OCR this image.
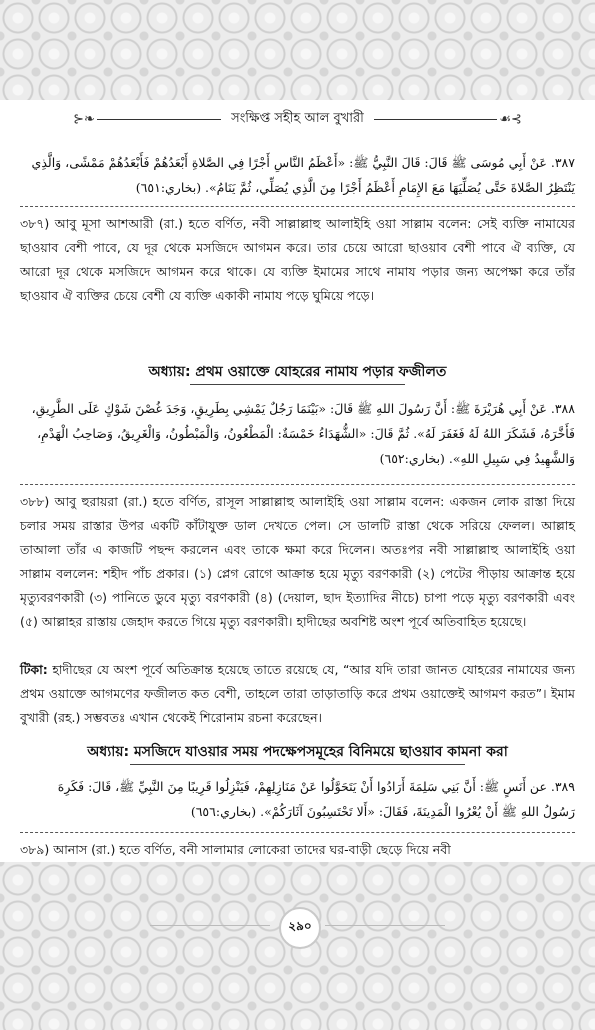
⊱❧	সংক্ষিপ্ত সহীহ আল বুখারী	☙⊰
٣٨٧. عَنْ أَبِي مُوسَى ﷺ قَالَ: قَالَ النَّبِيُّ ﷺ: «أَعْظَمُ النَّاسِ أَجْرًا فِي الصَّلاةِ أَبْعَدُهُمْ فَأَبْعَدُهُمْ مَمْشًى، وَالَّذِي
يَنْتَظِرُ الصَّلاةَ حَتَّى يُصَلِّيَهَا مَعَ الإِمَامِ أَعْظَمُ أَجْرًا مِنَ الَّذِي يُصَلِّي، ثُمَّ يَنَامُ». (بخاري:٦٥١)
৩৮৭) আবু মূসা আশআরী (রা.) হতে বর্ণিত, নবী সাল্লাল্লাহু আলাইহি ওয়া সাল্লাম বলেন: সেই ব্যক্তি নামাযের ছাওয়াব বেশী পাবে, যে দূর থেকে মসজিদে আগমন করে। তার চেয়ে আরো ছাওয়াব বেশী পাবে ঐ ব্যক্তি, যে আরো দূর থেকে মসজিদে আগমন করে থাকে। যে ব্যক্তি ইমামের সাথে নামায পড়ার জন্য অপেক্ষা করে তাঁর ছাওয়াব ঐ ব্যক্তির চেয়ে বেশী যে ব্যক্তি একাকী নামায পড়ে ঘুমিয়ে পড়ে।
অধ্যায়: প্রথম ওয়াক্তে যোহরের নামায পড়ার ফজীলত
٣٨٨. عَنْ أَبِي هُرَيْرَةَ ﷺ: أَنَّ رَسُولَ اللهِ ﷺ قَالَ: «بَيْنَمَا رَجُلٌ يَمْشِي بِطَرِيقٍ، وَجَدَ غُصْنَ شَوْكٍ عَلَى الطَّرِيقِ،
فَأَخَّرَهُ، فَشَكَرَ اللهُ لَهُ فَغَفَرَ لَهُ». ثُمَّ قَالَ: «الشُّهَدَاءُ خَمْسَةٌ: الْمَطْعُونُ، وَالْمَبْطُونُ، وَالْغَرِيقُ، وَصَاحِبُ الْهَدْمِ،
وَالشَّهِيدُ فِي سَبِيلِ اللهِ». (بخاري:٦٥٢)
৩৮৮) আবু হুরায়রা (রা.) হতে বর্ণিত, রাসূল সাল্লাল্লাহু আলাইহি ওয়া সাল্লাম বলেন: একজন লোক রাস্তা দিয়ে চলার সময় রাস্তার উপর একটি কাঁটাযুক্ত ডাল দেখতে পেল। সে ডালটি রাস্তা থেকে সরিয়ে ফেলল। আল্লাহ তাআলা তাঁর এ কাজটি পছন্দ করলেন এবং তাকে ক্ষমা করে দিলেন। অতঃপর নবী সাল্লাল্লাহু আলাইহি ওয়া সাল্লাম বললেন: শহীদ পাঁচ প্রকার। (১) প্লেগ রোগে আক্রান্ত হয়ে মৃত্যু বরণকারী (২) পেটের পীড়ায় আক্রান্ত হয়ে মৃত্যুবরণকারী (৩) পানিতে ডুবে মৃত্যু বরণকারী (৪) (দেয়াল, ছাদ ইত্যাদির নীচে) চাপা পড়ে মৃত্যু বরণকারী এবং (৫) আল্লাহর রাস্তায় জেহাদ করতে গিয়ে মৃত্যু বরণকারী। হাদীছের অবশিষ্ট অংশ পূর্বে অতিবাহিত হয়েছে।
টিকা: হাদীছের যে অংশ পূর্বে অতিক্রান্ত হয়েছে তাতে রয়েছে যে, “আর যদি তারা জানত যোহরের নামাযের জন্য প্রথম ওয়াক্তে আগমণের ফজীলত কত বেশী, তাহলে তারা তাড়াতাড়ি করে প্রথম ওয়াক্তেই আগমণ করত”। ইমাম বুখারী (রহ.) সম্ভবতঃ এখান থেকেই শিরোনাম রচনা করেছেন।
অধ্যায়: মসজিদে যাওয়ার সময় পদক্ষেপসমূহের বিনিময়ে ছাওয়াব কামনা করা
٣٨٩. عن أَنَسٍ ﷺ: أَنَّ بَنِي سَلِمَةَ أَرَادُوا أَنْ يَتَحَوَّلُوا عَنْ مَنَازِلِهِمْ، فَيَنْزِلُوا قَرِيبًا مِنَ النَّبِيِّ ﷺ، قَالَ: فَكَرِهَ
رَسُولُ اللهِ ﷺ أَنْ يُعْرُوا الْمَدِينَةَ، فَقَالَ: «أَلا تَحْتَسِبُونَ آثَارَكُمْ». (بخاري:٦٥٦)
৩৮৯) আনাস (রা.) হতে বর্ণিত, বনী সালামার লোকেরা তাদের ঘর-বাড়ী ছেড়ে দিয়ে নবী
২৯০
